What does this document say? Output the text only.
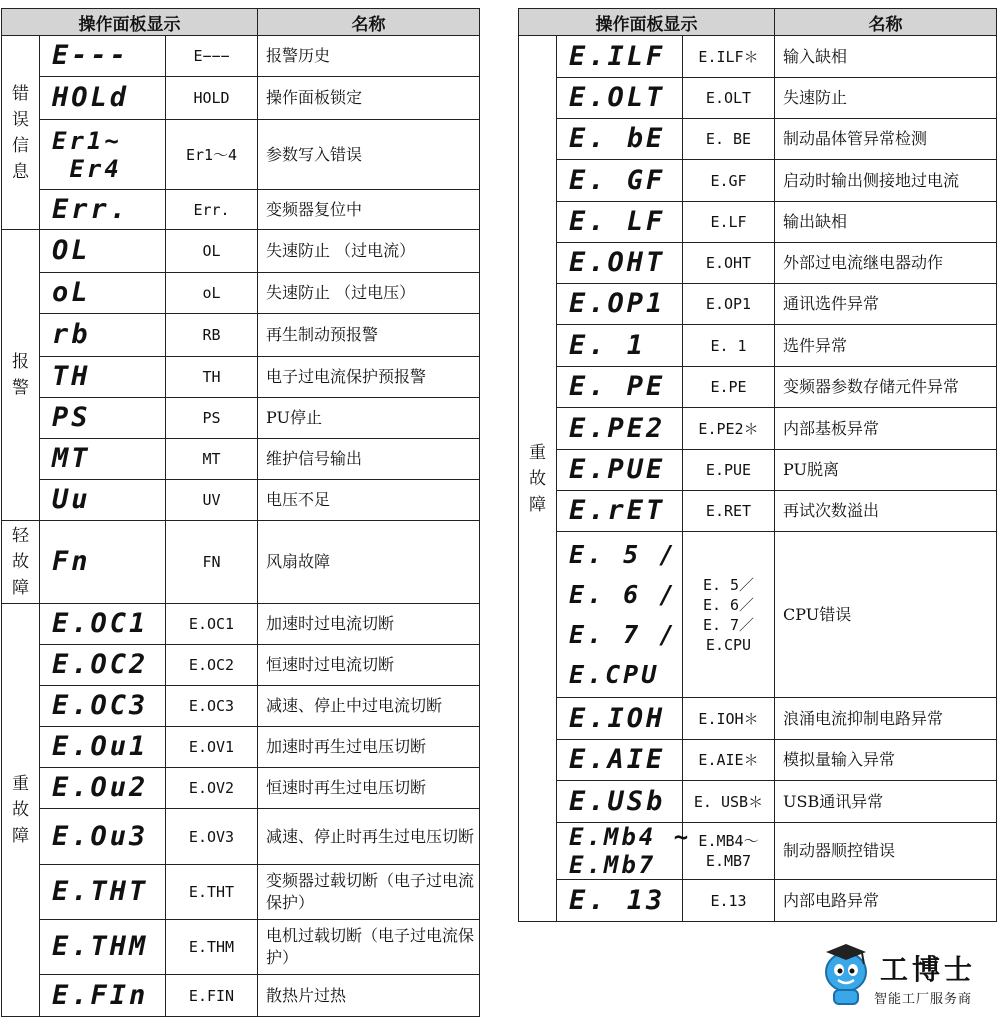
操作面板显示			名称

错
误
信
息	E---	E−−−	报警历史
	HOLd	HOLD	操作面板锁定

	Er1~
Er4	Er1～4	参数写入错误
	Err.	Err.	变频器复位中

报
警	OL	OL	失速防止 （过电流）
	oL	oL	失速防止 （过电压）
	rb	RB	再生制动预报警
	TH	TH	电子过电流保护预报警
	PS	PS	PU停止
	MT	MT	维护信号输出
	Uu	UV	电压不足

轻
故
障	Fn	FN	风扇故障

重
故
障	E.OC1	E.OC1	加速时过电流切断
	E.OC2	E.OC2	恒速时过电流切断
	E.OC3	E.OC3	减速、停止中过电流切断
	E.Ou1	E.OV1	加速时再生过电压切断
	E.Ou2	E.OV2	恒速时再生过电压切断
	E.Ou3	E.OV3	减速、停止时再生过电压切断
	E.THT	E.THT	变频器过载切断（电子过电流保护）
	E.THM	E.THM	电机过载切断（电子过电流保护）
	E.FIn	E.FIN	散热片过热
操作面板显示			名称

重
故
障	E.ILF	E.ILF＊	输入缺相
	E.OLT	E.OLT	失速防止
	E. bE	E. BE	制动晶体管异常检测
	E. GF	E.GF	启动时输出侧接地过电流
	E. LF	E.LF	输出缺相
	E.OHT	E.OHT	外部过电流继电器动作
	E.OP1	E.OP1	通讯选件异常
	E. 1	E. 1	选件异常
	E. PE	E.PE	变频器参数存储元件异常
	E.PE2	E.PE2＊	内部基板异常
	E.PUE	E.PUE	PU脱离
	E.rET	E.RET	再试次数溢出

	E. 5 /
E. 6 /
E. 7 /
E.CPU	E. 5／
E. 6／
E. 7／
E.CPU	CPU错误
	E.IOH	E.IOH＊	浪涌电流抑制电路异常
	E.AIE	E.AIE＊	模拟量输入异常
	E.USb	E. USB＊	USB通讯异常

	E.Mb4 ~
E.Mb7	E.MB4～
E.MB7	制动器顺控错误
	E. 13	E.13	内部电路异常
工博士
智能工厂服务商
